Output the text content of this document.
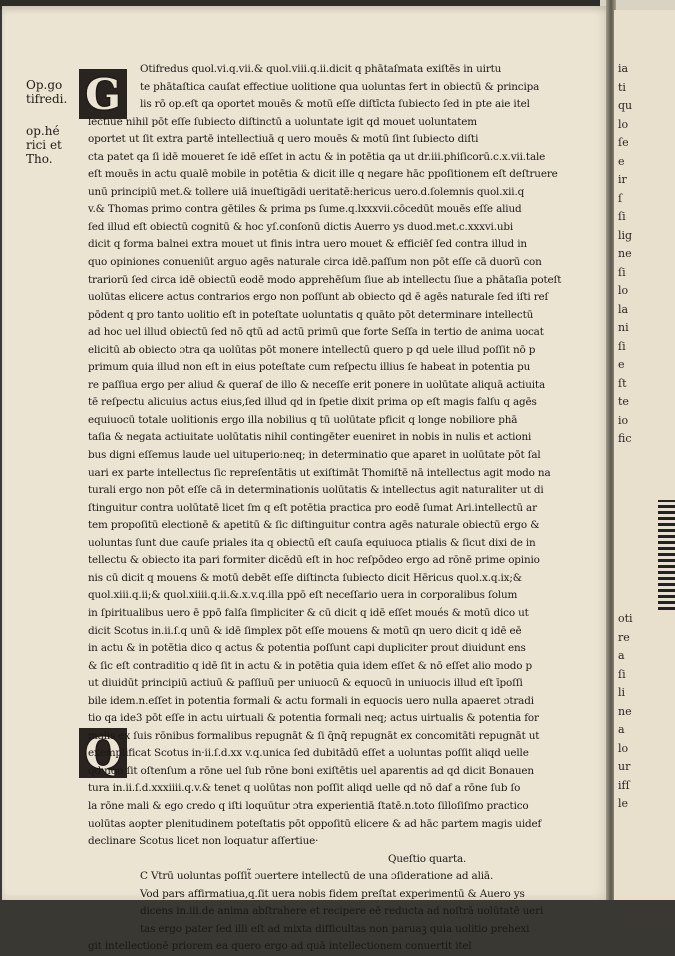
ia
ti
qu
lo
ſe
e
ir
ſ
ſi
lig
ne
ſi
lo
la
ni
ſi
e
ſt
te
io
fic
oti
re
a
ſi
li
ne
a
lo
ur
ifſ
le
Op.go
tifredi.
op.hé
rici et
Tho.
G
Q
Otifredus quol.vi.q.vii.& quol.viii.q.ii.dicit q phātaſmata exiſtēs in uirtu
te phātaſtica cauſat effectiue uolitione qua uoluntas fert in obiectū & principa
lis rō op.eſt qa oportet mouēs & motū eſſe diſtīcta ſubiecto ſed in pte aie itel
lectiue nihil pōt eſſe ſubiecto diſtinctū a uoluntate igit qd mouet uoluntatem
oportet ut ſit extra partē intellectiuā q uero mouēs & motū ſint ſubiecto diſti
cta patet qa ſi idē moueret ſe idē eſſet in actu & in potētia qa ut dr.iii.phiſicorū.c.x.vii.tale
eſt mouēs in actu qualē mobile in potētia & dicit ille q negare hāc ppoſitionem eſt deſtruere
unū principiū met.& tollere uiā inueſtigādi ueritatē:hericus uero.d.ſolemnis quol.xii.q
v.& Thomas primo contra gētiles & prima ps ſume.q.lxxxvii.cōcedūt mouēs eſſe aliud
ſed illud eſt obiectū cognitū & hoc yſ.conſonū dictis Auerro ys duod.met.c.xxxvi.ubi
dicit q forma balnei extra mouet ut finis intra uero mouet & efficiēſ ſed contra illud in
quo opiniones conueniūt arguo agēs naturale circa idē.paſſum non pōt eſſe cā duorū con
trariorū ſed circa idē obiectū eodē modo apprehēſum ſiue ab intellectu ſiue a phātaſia poteſt
uolūtas elicere actus contrarios ergo non poſſunt ab obiecto qd ē agēs naturale ſed iſti reſ
pōdent q pro tanto uolitio eſt in poteſtate uoluntatis q quāto pōt determinare intellectū
ad hoc uel illud obiectū ſed nō qtū ad actū primū que forte Seſſa in tertio de anima uocat
elicitū ab obiecto ɔtra qa uolūtas pōt monere intellectū quero p qd uele illud poſſit nō p
primum quia illud non eſt in eius poteſtate cum reſpectu illius ſe habeat in potentia pu
re paſſiua ergo per aliud & queraſ de illo & neceſſe erit ponere in uolūtate aliquā actiuita
tē reſpectu alicuius actus eius,ſed illud qd in ſpetie dixit prima op eſt magis falſu q agēs
equiuocū totale uolitionis ergo illa nobilius q tū uolūtate pficit q longe nobiliore phā
taſia & negata actiuitate uolūtatis nihil contingēter eueniret in nobis in nulis et actioni
bus digni eſſemus laude uel uituperio:neq; in determinatio que aparet in uolūtate pōt ſal
uari ex parte intellectus ſic repreſentātis ut exiſtimāt Thomiſtē nā intellectus agit modo na
turali ergo non pōt eſſe cā in determinationis uolūtatis & intellectus agit naturaliter ut di
ſtinguitur contra uolūtatē licet ſm q eſt potētia practica pro eodē ſumat Ari.intellectū ar
tem propoſitū electionē & apetitū & ſic diſtinguitur contra agēs naturale obiectū ergo &
uoluntas ſunt due cauſe priales ita q obiectū eſt cauſa equiuoca ptialis & ſicut dixi de in
tellectu & obiecto ita pari formiter dicēdū eſt in hoc reſpōdeo ergo ad rōnē prime opinio
nis cū dicit q mouens & motū debēt eſſe diſtincta ſubiecto dicit Hēricus quol.x.q.ix;&
quol.xiii.q.ii;& quol.xiiii.q.ii.&.x.v.q.illa ppō eſt neceſſario uera in corporalibus ſolum
in ſpiritualibus uero ē ppō falſa ſimpliciter & cū dicit q idē eſſet moués & motū dico ut
dicit Scotus in.ii.ſ.q unū & idē ſimplex pōt eſſe mouens & motū qn uero dicit q idē eē
in actu & in potētia dico q actus & potentia poſſunt capi dupliciter prout diuidunt ens
& ſic eſt contraditio q idē ſit in actu & in potētia quia idem eſſet & nō eſſet alio modo p
ut diuidūt principiū actiuū & paſſiuū per uniuocū & equocū in uniuocis illud eſt īpoſſi
bile idem.n.eſſet in potentia formali & actu formali in equocis uero nulla apaeret ɔtradi
tio qa ide3 pōt eſſe in actu uirtuali & potentia formali neq; actus uirtualis & potentia for
malis ex ſuis rōnibus formalibus repugnāt & ſi q̄nq̄ repugnāt ex concomitāti repugnāt ut
exemplificat Scotus in·ii.ſ.d.xx v.q.unica ſed dubitādū eſſet a uoluntas poſſit aliqd uelle
qd non ſit oſtenſum a rōne uel ſub rōne boni exiſtētis uel aparentis ad qd dicit Bonauen
tura in.ii.ſ.d.xxxiiii.q.v.& tenet q uolūtas non poſſit aliqd uelle qd nō daf a rōne ſub ſo
la rōne mali & ego credo q iſti loquūtur ɔtra experientiā ſtatē.n.toto ſilloſiſmo practico
uolūtas aopter plenitudinem poteſtatis pōt oppoſitū elicere & ad hāc partem magis uidef
declinare Scotus licet non loquatur aſſertiue·
Queſtio quarta.
C Vtrū uoluntas poſſit̃ ɔuertere intellectū de una ɔſideratione ad aliā.
Vod pars affirmatiua,q.ſit uera nobis fidem preſtat experimentū & Auero ys
dicens in.iii.de anima abſtrahere et recipere eē reducta ad noſtrā uolūtatē ueri
tas ergo pater ſed illi eſt ad mixta difficultas non paruaꝫ quia uolitio prehexi
git intellectionē priorem ea quero ergo ad quā intellectionem conuertit itel
